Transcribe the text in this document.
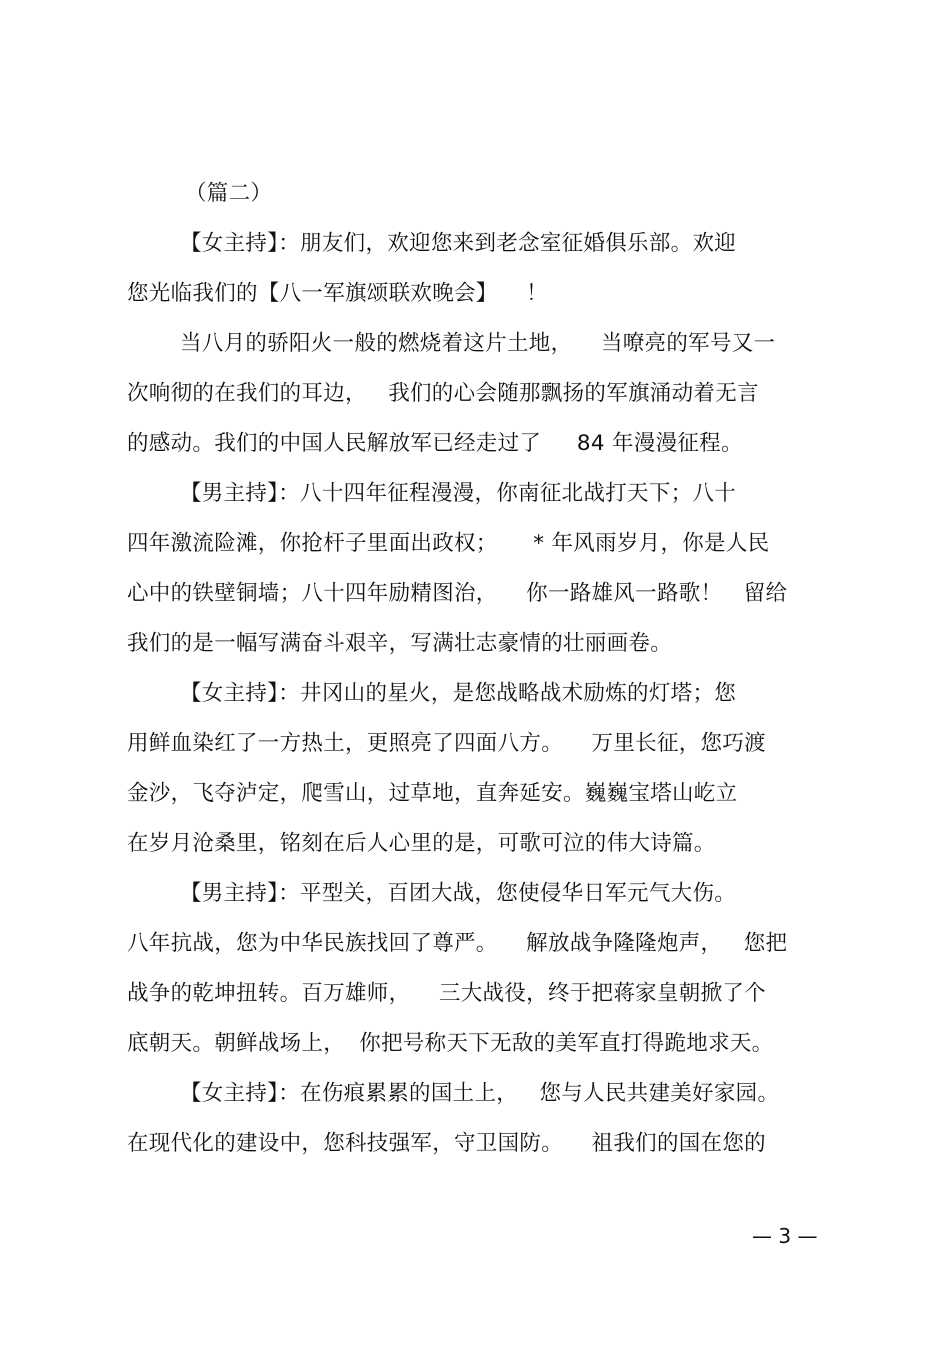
（篇二）
【女主持】：朋友们，欢迎您来到老念室征婚俱乐部。欢迎
您光临我们的【八一军旗颂联欢晚会】    ！
当八月的骄阳火一般的燃烧着这片土地，    当嘹亮的军号又一
次响彻的在我们的耳边，   我们的心会随那飘扬的军旗涌动着无言
的感动。我们的中国人民解放军已经走过了     84 年漫漫征程。
【男主持】：八十四年征程漫漫，你南征北战打天下；八十
四年激流险滩，你抢杆子里面出政权；     * 年风雨岁月，你是人民
心中的铁壁铜墙；八十四年励精图治，    你一路雄风一路歌！   留给
我们的是一幅写满奋斗艰辛，写满壮志豪情的壮丽画卷。
【女主持】：井冈山的星火，是您战略战术励炼的灯塔；您
用鲜血染红了一方热土，更照亮了四面八方。    万里长征，您巧渡
金沙，飞夺泸定，爬雪山，过草地，直奔延安。巍巍宝塔山屹立
在岁月沧桑里，铭刻在后人心里的是，可歌可泣的伟大诗篇。
【男主持】：平型关，百团大战，您使侵华日军元气大伤。
八年抗战，您为中华民族找回了尊严。    解放战争隆隆炮声，   您把
战争的乾坤扭转。百万雄师，    三大战役，终于把蒋家皇朝掀了个
底朝天。朝鲜战场上，  你把号称天下无敌的美军直打得跪地求天。
【女主持】：在伤痕累累的国土上，   您与人民共建美好家园。
在现代化的建设中，您科技强军，守卫国防。    祖我们的国在您的
— 3 —
